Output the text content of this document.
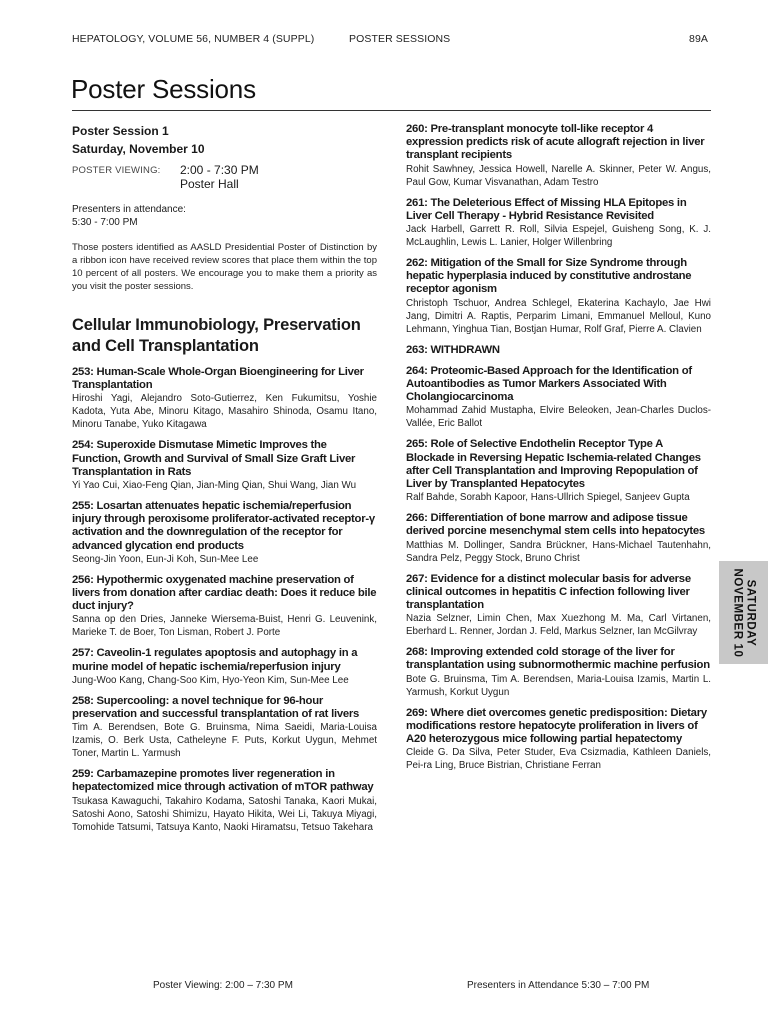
HEPATOLOGY, VOLUME 56, NUMBER 4 (SUPPL)	POSTER SESSIONS	89A
Poster Sessions
Poster Session 1
Saturday, November 10
POSTER VIEWING:	2:00 - 7:30 PM
Poster Hall
Presenters in attendance:
5:30 - 7:00 PM
Those posters identified as AASLD Presidential Poster of Distinction by a ribbon icon have received review scores that place them within the top 10 percent of all posters. We encourage you to make them a priority as you visit the poster sessions.
Cellular Immunobiology, Preservation and Cell Transplantation
253: Human-Scale Whole-Organ Bioengineering for Liver Transplantation
Hiroshi Yagi, Alejandro Soto-Gutierrez, Ken Fukumitsu, Yoshie Kadota, Yuta Abe, Minoru Kitago, Masahiro Shinoda, Osamu Itano, Minoru Tanabe, Yuko Kitagawa
254: Superoxide Dismutase Mimetic Improves the Function, Growth and Survival of Small Size Graft Liver Transplantation in Rats
Yi Yao Cui, Xiao-Feng Qian, Jian-Ming Qian, Shui Wang, Jian Wu
255: Losartan attenuates hepatic ischemia/reperfusion injury through peroxisome proliferator-activated receptor-γ activation and the downregulation of the receptor for advanced glycation end products
Seong-Jin Yoon, Eun-Ji Koh, Sun-Mee Lee
256: Hypothermic oxygenated machine preservation of livers from donation after cardiac death: Does it reduce bile duct injury?
Sanna op den Dries, Janneke Wiersema-Buist, Henri G. Leuvenink, Marieke T. de Boer, Ton Lisman, Robert J. Porte
257: Caveolin-1 regulates apoptosis and autophagy in a murine model of hepatic ischemia/reperfusion injury
Jung-Woo Kang, Chang-Soo Kim, Hyo-Yeon Kim, Sun-Mee Lee
258: Supercooling: a novel technique for 96-hour preservation and successful transplantation of rat livers
Tim A. Berendsen, Bote G. Bruinsma, Nima Saeidi, Maria-Louisa Izamis, O. Berk Usta, Catheleyne F. Puts, Korkut Uygun, Mehmet Toner, Martin L. Yarmush
259: Carbamazepine promotes liver regeneration in hepatectomized mice through activation of mTOR pathway
Tsukasa Kawaguchi, Takahiro Kodama, Satoshi Tanaka, Kaori Mukai, Satoshi Aono, Satoshi Shimizu, Hayato Hikita, Wei Li, Takuya Miyagi, Tomohide Tatsumi, Tatsuya Kanto, Naoki Hiramatsu, Tetsuo Takehara
260: Pre-transplant monocyte toll-like receptor 4 expression predicts risk of acute allograft rejection in liver transplant recipients
Rohit Sawhney, Jessica Howell, Narelle A. Skinner, Peter W. Angus, Paul Gow, Kumar Visvanathan, Adam Testro
261: The Deleterious Effect of Missing HLA Epitopes in Liver Cell Therapy - Hybrid Resistance Revisited
Jack Harbell, Garrett R. Roll, Silvia Espejel, Guisheng Song, K. J. McLaughlin, Lewis L. Lanier, Holger Willenbring
262: Mitigation of the Small for Size Syndrome through hepatic hyperplasia induced by constitutive androstane receptor agonism
Christoph Tschuor, Andrea Schlegel, Ekaterina Kachaylo, Jae Hwi Jang, Dimitri A. Raptis, Perparim Limani, Emmanuel Melloul, Kuno Lehmann, Yinghua Tian, Bostjan Humar, Rolf Graf, Pierre A. Clavien
263: WITHDRAWN
264: Proteomic-Based Approach for the Identification of Autoantibodies as Tumor Markers Associated With Cholangiocarcinoma
Mohammad Zahid Mustapha, Elvire Beleoken, Jean-Charles Duclos-Vallée, Eric Ballot
265: Role of Selective Endothelin Receptor Type A Blockade in Reversing Hepatic Ischemia-related Changes after Cell Transplantation and Improving Repopulation of Liver by Transplanted Hepatocytes
Ralf Bahde, Sorabh Kapoor, Hans-Ullrich Spiegel, Sanjeev Gupta
266: Differentiation of bone marrow and adipose tissue derived porcine mesenchymal stem cells into hepatocytes
Matthias M. Dollinger, Sandra Brückner, Hans-Michael Tautenhahn, Sandra Pelz, Peggy Stock, Bruno Christ
267: Evidence for a distinct molecular basis for adverse clinical outcomes in hepatitis C infection following liver transplantation
Nazia Selzner, Limin Chen, Max Xuezhong M. Ma, Carl Virtanen, Eberhard L. Renner, Jordan J. Feld, Markus Selzner, Ian McGilvray
268: Improving extended cold storage of the liver for transplantation using subnormothermic machine perfusion
Bote G. Bruinsma, Tim A. Berendsen, Maria-Louisa Izamis, Martin L. Yarmush, Korkut Uygun
269: Where diet overcomes genetic predisposition: Dietary modifications restore hepatocyte proliferation in livers of A20 heterozygous mice following partial hepatectomy
Cleide G. Da Silva, Peter Studer, Eva Csizmadia, Kathleen Daniels, Pei-ra Ling, Bruce Bistrian, Christiane Ferran
SATURDAY
NOVEMBER 10
Poster Viewing: 2:00 – 7:30 PM	Presenters in Attendance 5:30 – 7:00 PM
